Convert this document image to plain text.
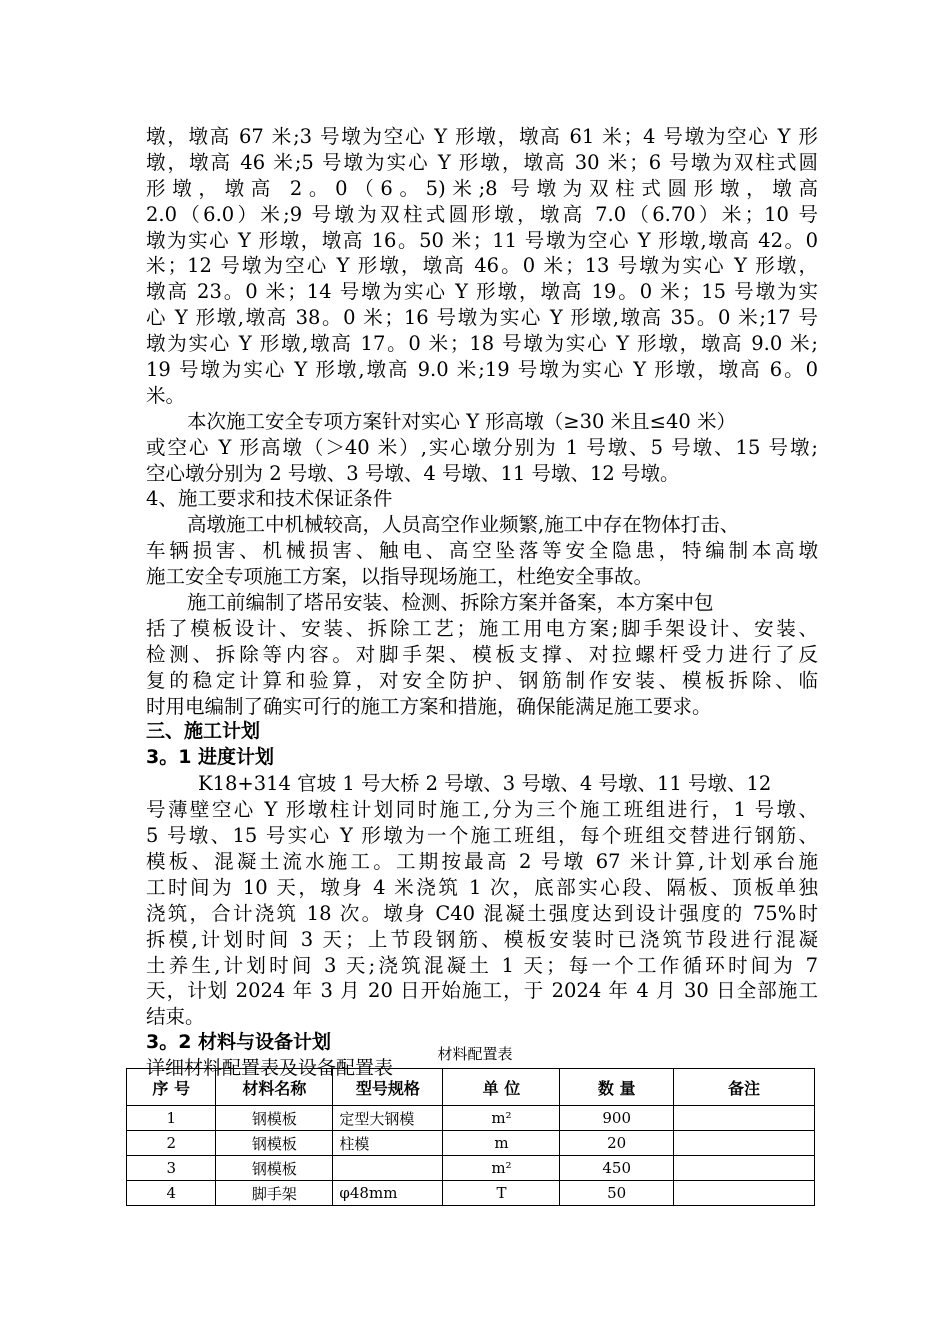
墩，墩高 67 米;3 号墩为空心 Y 形墩，墩高 61 米；4 号墩为空心 Y 形
墩，墩高 46 米;5 号墩为实心 Y 形墩，墩高 30 米；6 号墩为双柱式圆
形墩，墩高 2。0（6。5)米;8 号墩为双柱式圆形墩，墩高
2.0（6.0）米;9 号墩为双柱式圆形墩，墩高 7.0（6.70）米；10 号
墩为实心 Y 形墩，墩高 16。50 米；11 号墩为空心 Y 形墩,墩高 42。0
米；12 号墩为空心 Y 形墩，墩高 46。0 米；13 号墩为实心 Y 形墩，
墩高 23。0 米；14 号墩为实心 Y 形墩，墩高 19。0 米；15 号墩为实
心 Y 形墩,墩高 38。0 米；16 号墩为实心 Y 形墩,墩高 35。0 米;17 号
墩为实心 Y 形墩,墩高 17。0 米；18 号墩为实心 Y 形墩，墩高 9.0 米;
19 号墩为实心 Y 形墩,墩高 9.0 米;19 号墩为实心 Y 形墩，墩高 6。0
米。
本次施工安全专项方案针对实心 Y 形高墩（≥30 米且≤40 米）
或空心 Y 形高墩（＞40 米）,实心墩分别为 1 号墩、5 号墩、15 号墩;
空心墩分别为 2 号墩、3 号墩、4 号墩、11 号墩、12 号墩。
4、施工要求和技术保证条件
高墩施工中机械较高，人员高空作业频繁,施工中存在物体打击、
车辆损害、机械损害、触电、高空坠落等安全隐患，特编制本高墩
施工安全专项施工方案，以指导现场施工，杜绝安全事故。
施工前编制了塔吊安装、检测、拆除方案并备案，本方案中包
括了模板设计、安装、拆除工艺；施工用电方案;脚手架设计、安装、
检测、拆除等内容。对脚手架、模板支撑、对拉螺杆受力进行了反
复的稳定计算和验算，对安全防护、钢筋制作安装、模板拆除、临
时用电编制了确实可行的施工方案和措施，确保能满足施工要求。
三、施工计划
3。1 进度计划
K18+314 官坡 1 号大桥 2 号墩、3 号墩、4 号墩、11 号墩、12
号薄壁空心 Y 形墩柱计划同时施工,分为三个施工班组进行，1 号墩、
5 号墩、15 号实心 Y 形墩为一个施工班组，每个班组交替进行钢筋、
模板、混凝土流水施工。工期按最高 2 号墩 67 米计算,计划承台施
工时间为 10 天，墩身 4 米浇筑 1 次，底部实心段、隔板、顶板单独
浇筑，合计浇筑 18 次。墩身 C40 混凝土强度达到设计强度的 75%时
拆模,计划时间 3 天；上节段钢筋、模板安装时已浇筑节段进行混凝
土养生,计划时间 3 天;浇筑混凝土 1 天；每一个工作循环时间为 7
天，计划 2024 年 3 月 20 日开始施工，于 2024 年 4 月 30 日全部施工
结束。
3。2 材料与设备计划
详细材料配置表及设备配置表
材料配置表
序 号	材料名称	型号规格	单 位	数 量	备注
1	钢模板	定型大钢模	m²	900	
2	钢模板	柱模	m	20	
3	钢模板		m²	450	
4	脚手架	φ48mm	T	50	
